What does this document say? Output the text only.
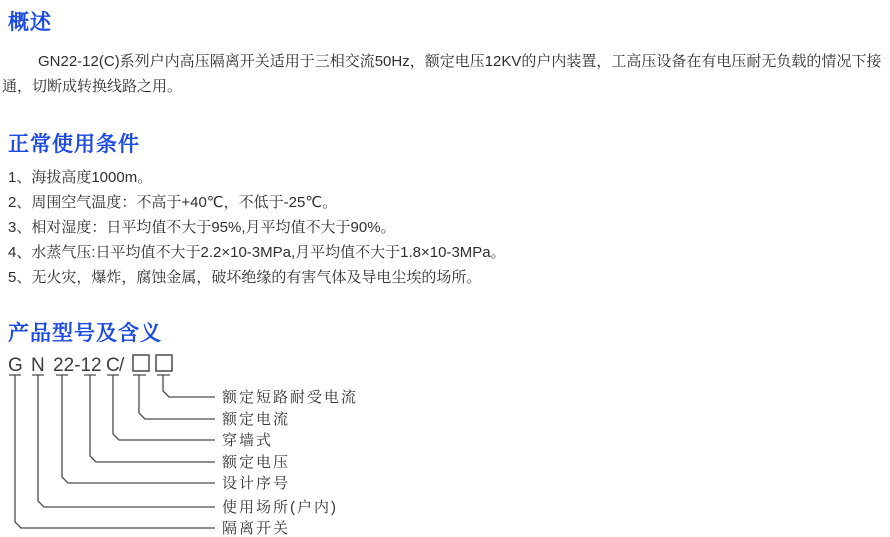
概述
GN22-12(C)系列户内高压隔离开关适用于三相交流50Hz，额定电压12KV的户内装置，工高压设备在有电压耐无负载的情况下接通，切断成转换线路之用。
正常使用条件
1、海拔高度1000m。
2、周围空气温度：不高于+40℃，不低于-25℃。
3、相对湿度：日平均值不大于95%,月平均值不大于90%。
4、水蒸气压:日平均值不大于2.2×10-3MPa,月平均值不大于1.8×10-3MPa。
5、无火灾，爆炸，腐蚀金属，破坏绝缘的有害气体及导电尘埃的场所。
产品型号及含义
G N 22-12 C /
额定短路耐受电流
额定电流
穿墙式
额定电压
设计序号
使用场所(户内)
隔离开关
